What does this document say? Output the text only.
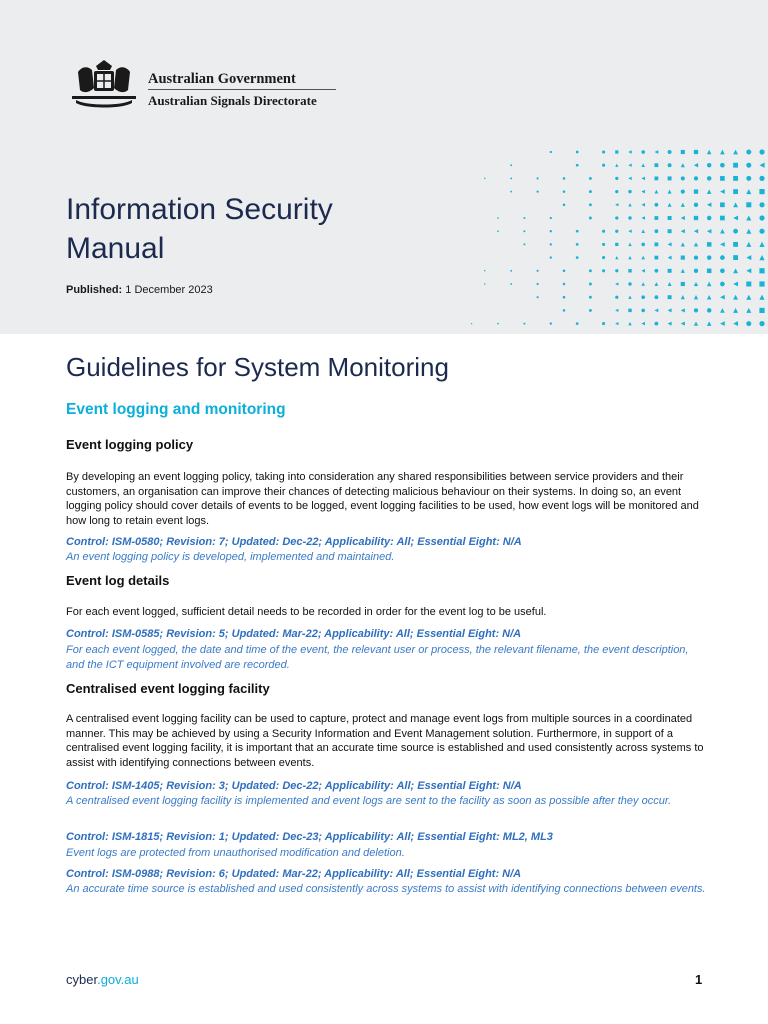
Australian Government
Australian Signals Directorate
Information Security
Manual
Published: 1 December 2023
Guidelines for System Monitoring
Event logging and monitoring
Event logging policy
By developing an event logging policy, taking into consideration any shared responsibilities between service providers and their customers, an organisation can improve their chances of detecting malicious behaviour on their systems. In doing so, an event logging policy should cover details of events to be logged, event logging facilities to be used, how event logs will be monitored and how long to retain event logs.
Control: ISM-0580; Revision: 7; Updated: Dec-22; Applicability: All; Essential Eight: N/A
An event logging policy is developed, implemented and maintained.
Event log details
For each event logged, sufficient detail needs to be recorded in order for the event log to be useful.
Control: ISM-0585; Revision: 5; Updated: Mar-22; Applicability: All; Essential Eight: N/A
For each event logged, the date and time of the event, the relevant user or process, the relevant filename, the event description, and the ICT equipment involved are recorded.
Centralised event logging facility
A centralised event logging facility can be used to capture, protect and manage event logs from multiple sources in a coordinated manner. This may be achieved by using a Security Information and Event Management solution. Furthermore, in support of a centralised event logging facility, it is important that an accurate time source is established and used consistently across systems to assist with identifying connections between events.
Control: ISM-1405; Revision: 3; Updated: Dec-22; Applicability: All; Essential Eight: N/A
A centralised event logging facility is implemented and event logs are sent to the facility as soon as possible after they occur.
Control: ISM-1815; Revision: 1; Updated: Dec-23; Applicability: All; Essential Eight: ML2, ML3
Event logs are protected from unauthorised modification and deletion.
Control: ISM-0988; Revision: 6; Updated: Mar-22; Applicability: All; Essential Eight: N/A
An accurate time source is established and used consistently across systems to assist with identifying connections between events.
cyber.gov.au	1
